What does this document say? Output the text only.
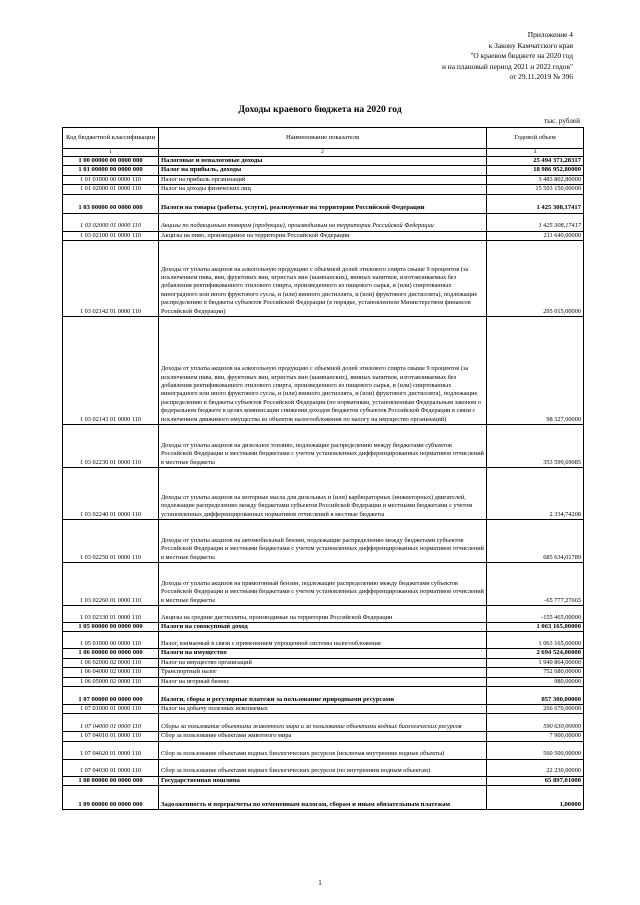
Приложение 4
к Закону Камчатского края
"О краевом бюджете на 2020 год
и на плановый период 2021 и 2022 годов"
от 29.11.2019 № 396
Доходы краевого бюджета на 2020 год
тыс. рублей
Код бюджетной классификации	Наименование показателя	Годовой объем
1	2	3
1 00 00000 00 0000 000	Налоговые и неналоговые доходы	25 494 371,28317
1 01 00000 00 0000 000	Налог на прибыль, доходы	18 986 952,80000
1 01 01000 00 0000 110	Налог на прибыль организаций	3 483 802,80000
1 01 02000 01 0000 110	Налог на доходы физических лиц	15 503 150,00000
1 03 00000 00 0000 000	Налоги на товары (работы, услуги), реализуемые на территории Российской Федерации	1 425 308,17417
1 03 02000 01 0000 110	Акцизы по подакцизным товарам (продукции), производимым на территории Российской Федерации	1 425 308,17417
1 03 02100 01 0000 110	Акцизы на пиво, производимое на территории Российской Федерации	211 640,00000
1 03 02142 01 0000 110	Доходы от уплаты акцизов на алкогольную продукцию с объемной долей этилового спирта свыше 9 процентов (за исключением пива, вин, фруктовых вин, игристых вин (шампанских), винных напитков, изготавливаемых без добавления ректификованного этилового спирта, произведенного из пищевого сырья, и (или) спиртованных виноградного или иного фруктового сусла, и (или) винного дистиллята, и (или) фруктового дистиллята), подлежащие распределению в бюджеты субъектов Российской Федерации (в порядке, установленном Министерством финансов Российской Федерации)	295 015,00000
1 03 02143 01 0000 110	Доходы от уплаты акцизов на алкогольную продукцию с объемной долей этилового спирта свыше 9 процентов (за исключением пива, вин, фруктовых вин, игристых вин (шампанских), винных напитков, изготавливаемых без добавления ректификованного этилового спирта, произведенного из пищевого сырья, и (или) спиртованных виноградного или иного фруктового сусла, и (или) винного дистиллята, и (или) фруктового дистиллята), подлежащие распределению в бюджеты субъектов Российской Федерации (по нормативам, установленным Федеральным законом о федеральном бюджете в целях компенсации снижения доходов бюджетов субъектов Российской Федерации в связи с исключением движимого имущества из объектов налогообложения по налогу на имущество организаций)	98 327,00000
1 03 02230 01 0000 110	Доходы от уплаты акцизов на дизельное топливо, подлежащие распределению между бюджетами субъектов Российской Федерации и местными бюджетами с учетом установленных дифференцированных нормативов отчислений в местные бюджеты	353 599,69085
1 03 02240 01 0000 110	Доходы от уплаты акцизов на моторные масла для дизельных и (или) карбюраторных (инжекторных) двигателей, подлежащие распределению между бюджетами субъектов Российской Федерации и местными бюджетами с учетом установленных дифференцированных нормативов отчислений в местные бюджеты	2 334,74208
1 03 02250 01 0000 110	Доходы от уплаты акцизов на автомобильный бензин, подлежащие распределению между бюджетами субъектов Российской Федерации и местными бюджетами с учетом установленных дифференцированных нормативов отчислений в местные бюджеты	685 634,01789
1 03 02260 01 0000 110	Доходы от уплаты акцизов на прямогонный бензин, подлежащие распределению между бюджетами субъектов Российской Федерации и местными бюджетами с учетом установленных дифференцированных нормативов отчислений в местные бюджеты	-65 777,27665
1 03 02330 01 0000 110	Акцизы на средние дистилляты, производимые на территории Российской Федерации	-155 465,00000
1 05 00000 00 0000 000	Налоги на совокупный доход	1 063 165,00000
1 05 01000 00 0000 110	Налог, взимаемый в связи с применением упрощенной системы налогообложения	1 063 165,00000
1 06 00000 00 0000 000	Налоги на имущество	2 694 524,00000
1 06 02000 02 0000 110	Налог на имущество организаций	1 940 864,00000
1 06 04000 02 0000 110	Транспортный налог	752 680,00000
1 06 05000 02 0000 110	Налог на игорный бизнес	980,00000
1 07 00000 00 0000 000	Налоги, сборы и регулярные платежи за пользование природными ресурсами	857 300,00000
1 07 01000 01 0000 110	Налог на добычу полезных ископаемых	266 670,00000
1 07 04000 01 0000 110	Сборы за пользование объектами животного мира и за пользование объектами водных биологических ресурсов	590 630,00000
1 07 04010 01 0000 110	Сбор за пользование объектами животного мира	7 900,00000
1 07 04020 01 0000 110	Сбор за пользование объектами водных биологических ресурсов (исключая внутренние водные объекты)	560 500,00000
1 07 04030 01 0000 110	Сбор за пользование объектами водных биологических ресурсов (по внутренним водным объектам)	22 230,00000
1 08 00000 00 0000 000	Государственная пошлина	65 897,01000
1 09 00000 00 0000 000	Задолженность и перерасчеты по отмененным налогам, сборам и иным обязательным платежам	1,00000
1
